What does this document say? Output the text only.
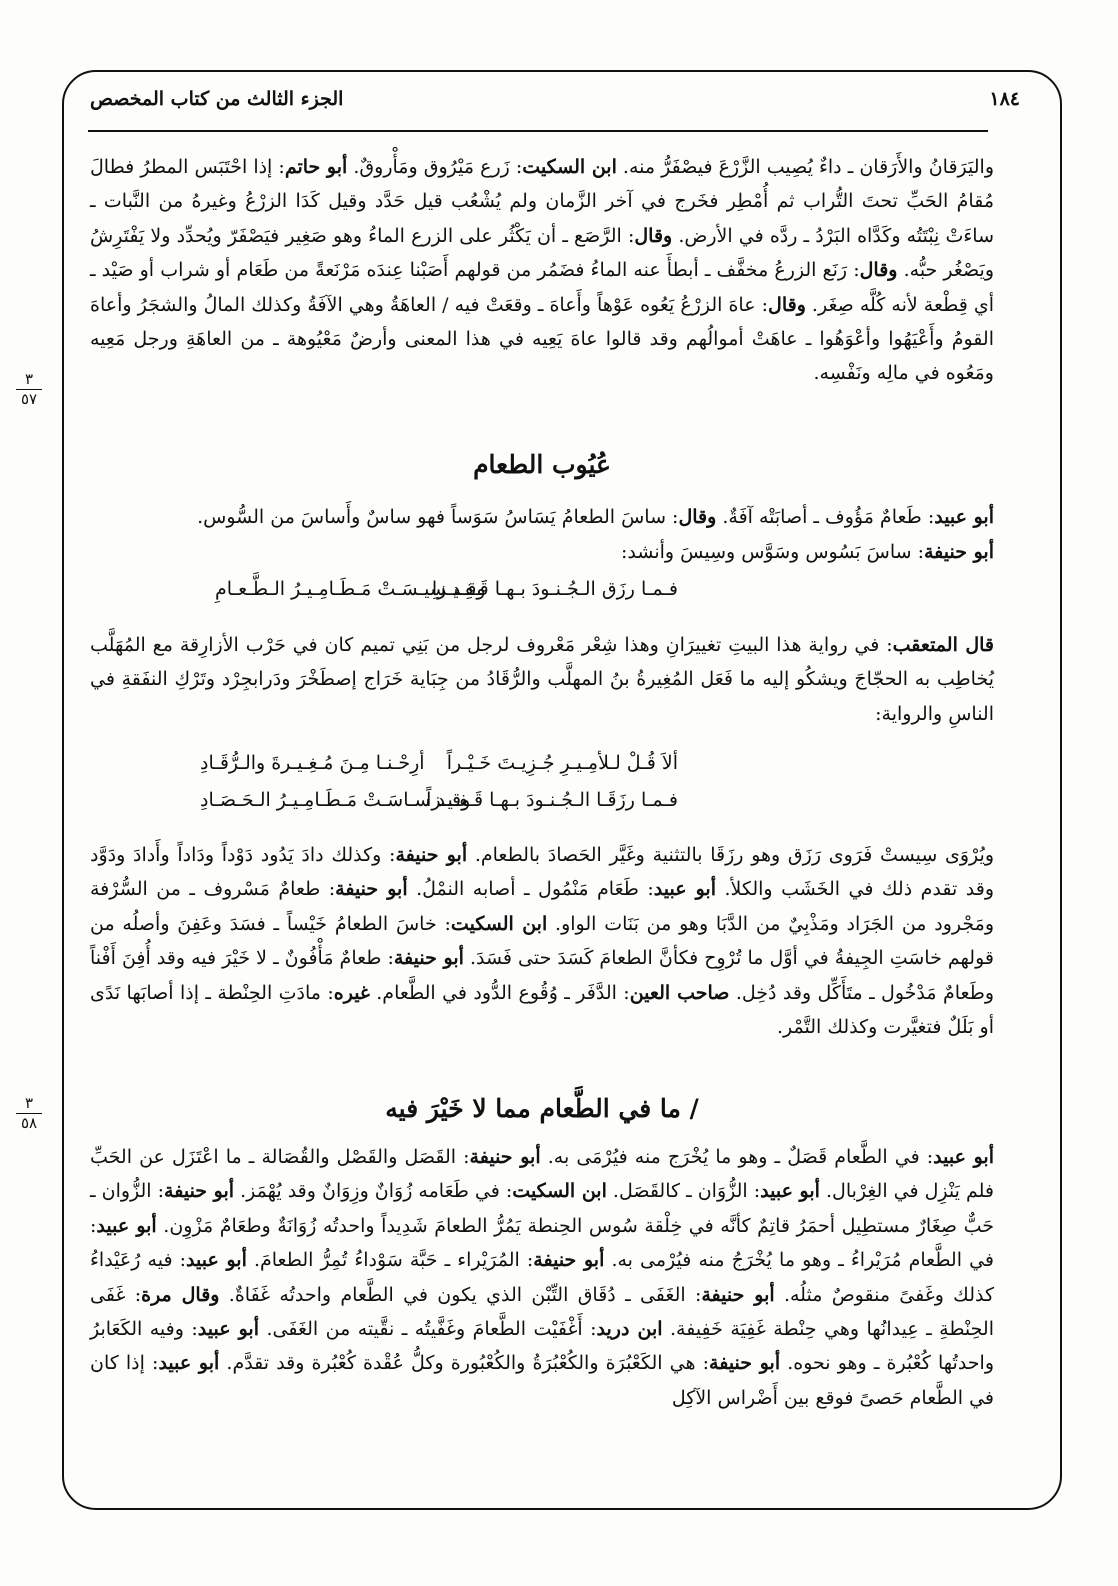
الجزء الثالث من كتاب المخصص	١٨٤
واليَرَقانُ والأَرَقان ـ داءٌ يُصِيب الزَّرْعَ فيصْفَرُّ منه. ابن السكيت: زَرع مَيْرُوق ومَأْروقٌ. أبو حاتم: إذا احْتَبَس المطرُ فطالَ مُقامُ الحَبِّ تحتَ التُّراب ثم أُمْطِر فخَرج في آخر الزَّمان ولم يُشْعُب قيل حَدَّد وقيل كَدَا الزرْعُ وغيرهُ من النَّبات ـ ساءَتْ نِبْتَتُه وكَدَّاه البَرْدُ ـ ردَّه في الأرض. وقال: الرَّصَع ـ أن يَكْثُر على الزرع الماءُ وهو صَغِير فيَصْفَرّ ويُحدِّد ولا يَفْتَرِشُ ويَصْغُر حبُّه. وقال: رَنَع الزرعُ مخفَّف ـ أبطأَ عنه الماءُ فضَمُر من قولهم أَصَبْنا عِندَه مَرْنَعةً من طَعَام أو شراب أو صَيْد ـ أي قِطْعة لأنه كُلَّه صِغَر. وقال: عاهَ الزرْعُ يَعُوه عَوْهاً وأَعاهَ ـ وقعَتْ فيه / العاهَةُ وهي الآفَةُ وكذلك المالُ والشجَرُ وأعاهَ القومُ وأَعْيَهُوا وأعْوَهُوا ـ عاهَتْ أموالُهم وقد قالوا عاهَ يَعِيه في هذا المعنى وأرضٌ مَعْيُوهة ـ من العاهَةِ ورجل مَعِيه ومَعُوه في مالِه ونَفْسِه.
٣
٥٧
عُيُوب الطعام
أبو عبيد: طَعامٌ مَؤُوف ـ أصابَتْه آفَةٌ. وقال: ساسَ الطعامُ يَسَاسُ سَوَساً فهو ساسٌ وأَساسَ من السُّوس.
أبو حنيفة: ساسَ بَسُوس وسَوَّس وسِيسَ وأنشد:
فـمـا رزَق الـجُـنـودَ بـهـا قَـفِـيـزا
وقـد سِيـسَـتْ مَـطَـامِـيـرُ الـطَّـعـامِ
قال المتعقب: في رواية هذا البيتِ تغييرَانِ وهذا شِعْر مَعْروف لرجل من بَنِي تميم كان في حَرْب الأزارِقة مع المُهَلَّب يُخاطِب به الحجّاجَ ويشكُو إليه ما فَعَل المُغِيرةُ بنُ المهلَّب والرُّقَادُ من جِبَاية خَرَاج إصطَخْرَ ودَرابجِرْد وتَرْكِ النفَقةِ في الناسِ والرواية:
ألاَ قُـلْ لـلأمِـيـرِ جُـزِيـتَ خَـيْـراً
أرِحْـنـا مِـنَ مُـغِـيـرةَ والـرُّقَـادِ
فـمـا رزَقَـا الـجُـنـودَ بـهـا قَـفِـيـزاً
وقـد سـاسَـتْ مَـطَـامِـيـرُ الـحَـصَـادِ
ويُرْوَى سِيستْ فَرَوى رَزَق وهو رزَقَا بالتثنية وغَيَّر الحَصادَ بالطعام. أبو حنيفة: وكذلك دادَ يَدُود دَوْداً ودَاداً وأَدادَ ودَوَّد وقد تقدم ذلك في الخَشَب والكلأ. أبو عبيد: طَعَام مَنْمُول ـ أصابه النمْلُ. أبو حنيفة: طعامٌ مَسْروف ـ من السُّرْفة ومَجْرود من الجَرَاد ومَذْبِيٌ من الدَّبَا وهو من بَنَات الواو. ابن السكيت: خاسَ الطعامُ خَيْساً ـ فسَدَ وعَفِنَ وأصلُه من قولهم خاسَتِ الجِيفةُ في أوَّل ما تُرْوِح فكأنَّ الطعامَ كَسَدَ حتى فَسَدَ. أبو حنيفة: طعامٌ مَأْفُونٌ ـ لا خَيْرَ فيه وقد أُفِنَ أَفْناً وطَعامٌ مَدْخُول ـ متَأَكِّل وقد دُخِل. صاحب العين: الدَّفَر ـ وُقُوع الدُّود في الطَّعام. غيره: مادَتِ الحِنْطة ـ إذا أصابَها نَدًى أو بَلَلٌ فتغيَّرت وكذلك التَّمْر.
/ ما في الطَّعام مما لا خَيْرَ فيه
٣
٥٨
أبو عبيد: في الطَّعام قَصَلٌ ـ وهو ما يُخْرَج منه فيُرْمَى به. أبو حنيفة: القَصَل والقَصْل والقُصَالة ـ ما اعْتَزَل عن الحَبِّ فلم يَنْزِل في الغِرْبال. أبو عبيد: الزُّوَان ـ كالقَصَل. ابن السكيت: في طَعَامه زُوَانٌ وزِوَانٌ وقد يُهْمَز. أبو حنيفة: الزُّوان ـ حَبٌّ صِغَارٌ مستطِيل أحمَرُ قاتِمٌ كأنَّه في خِلْقة سُوس الحِنطة يَمُرُّ الطعامَ شَدِيداً واحدتُه زُوَانَةٌ وطعَامٌ مَزْوِن. أبو عبيد: في الطَّعام مُرَيْراءُ ـ وهو ما يُخْرَجُ منه فيُرْمى به. أبو حنيفة: المُرَيْراء ـ حَبَّة سَوْداءُ تُمِرُّ الطعامَ. أبو عبيد: فيه رُعَيْداءُ كذلك وغَفىً منقوصٌ مثلُه. أبو حنيفة: الغَفَى ـ دُقَاق التِّبْن الذي يكون في الطَّعام واحدتُه غَفَاةٌ. وقال مرة: غَفَى الحِنْطةِ ـ عِيدانُها وهي حِنْطة غَفِيَة خَفِيفة. ابن دريد: أَغْفَيْت الطَّعامَ وغَفَّيتُه ـ نقَّيته من الغَفَى. أبو عبيد: وفيه الكَعَابرُ واحدتُها كُعْبُرة ـ وهو نحوه. أبو حنيفة: هي الكَعْبُرَة والكُعْبُرَةُ والكُعْبُورة وكلُّ عُقْدة كُعْبُرة وقد تقدَّم. أبو عبيد: إذا كان في الطَّعام حَصىً فوقع بين أَضْراس الآكِل
